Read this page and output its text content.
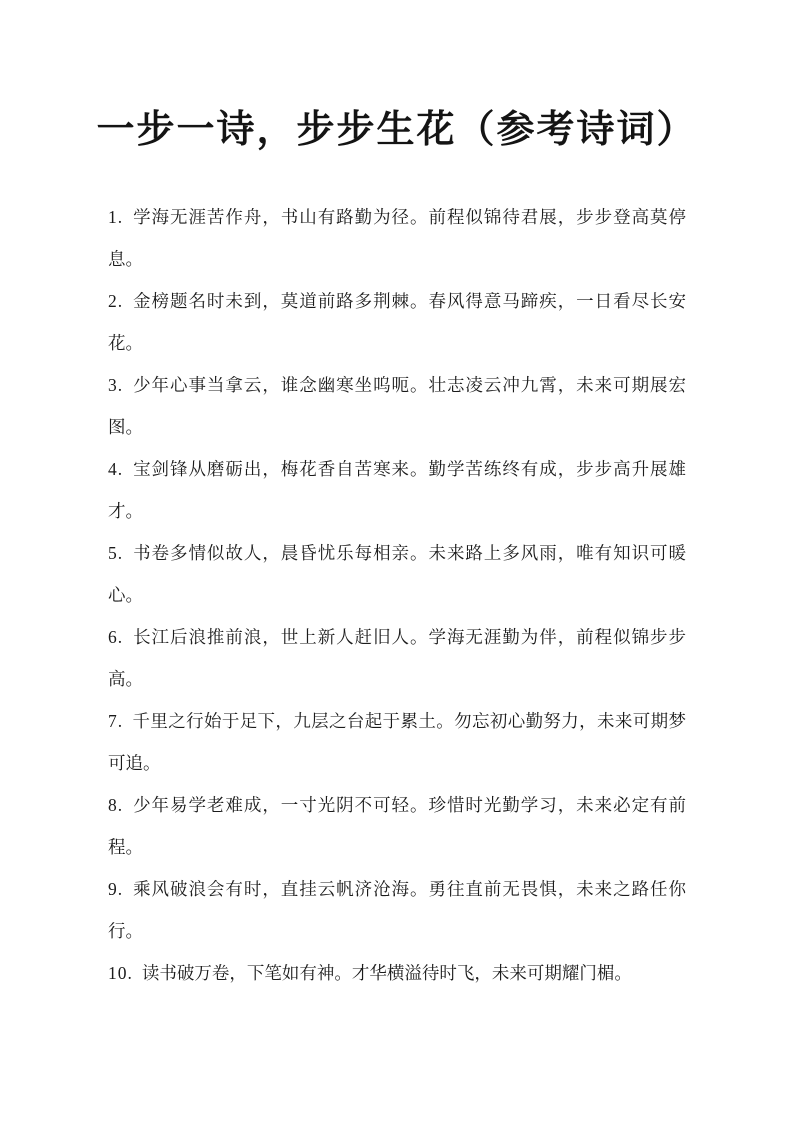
一步一诗，步步生花（参考诗词）

1. 学海无涯苦作舟，书山有路勤为径。前程似锦待君展，步步登高莫停息。

2. 金榜题名时未到，莫道前路多荆棘。春风得意马蹄疾，一日看尽长安花。

3. 少年心事当拿云，谁念幽寒坐呜呃。壮志凌云冲九霄，未来可期展宏图。

4. 宝剑锋从磨砺出，梅花香自苦寒来。勤学苦练终有成，步步高升展雄才。

5. 书卷多情似故人，晨昏忧乐每相亲。未来路上多风雨，唯有知识可暖心。

6. 长江后浪推前浪，世上新人赶旧人。学海无涯勤为伴，前程似锦步步高。

7. 千里之行始于足下，九层之台起于累土。勿忘初心勤努力，未来可期梦可追。

8. 少年易学老难成，一寸光阴不可轻。珍惜时光勤学习，未来必定有前程。

9. 乘风破浪会有时，直挂云帆济沧海。勇往直前无畏惧，未来之路任你行。

10. 读书破万卷，下笔如有神。才华横溢待时飞，未来可期耀门楣。
